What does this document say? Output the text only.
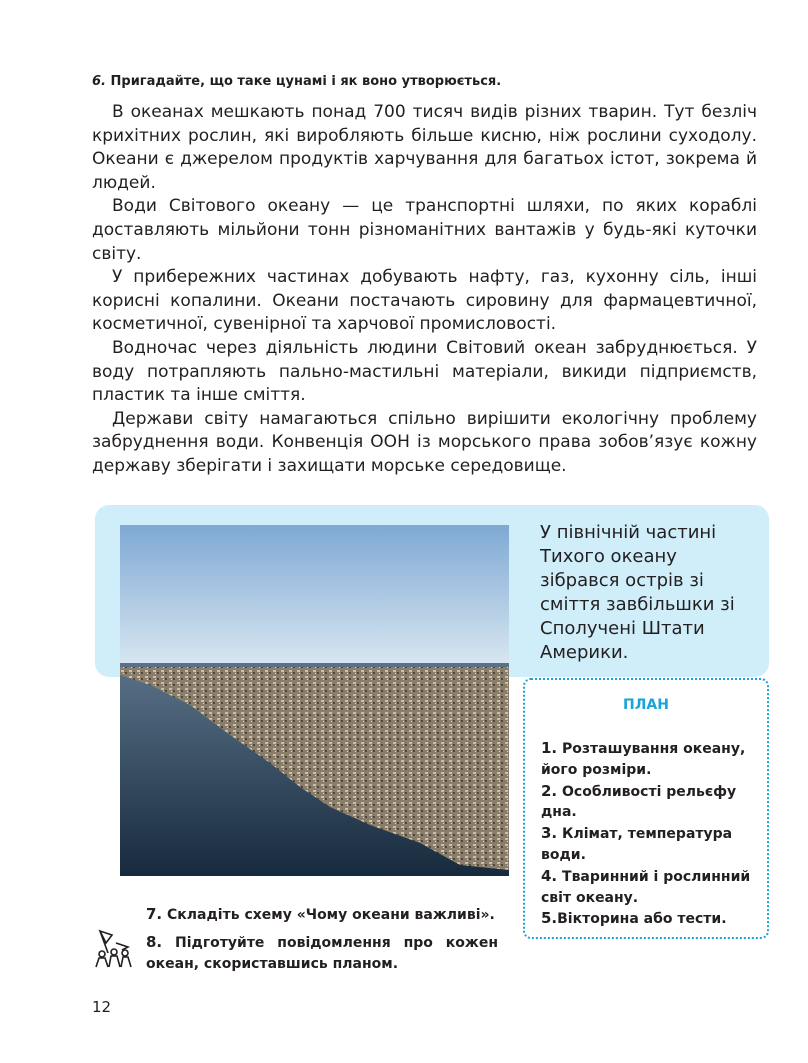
6. Пригадайте, що таке цунамі і як воно утворюється.

В океанах мешкають понад 700 тисяч видів різних тварин. Тут безліч крихітних рослин, які виробляють більше кисню, ніж рослини суходолу. Океани є джерелом продуктів харчування для багатьох істот, зокрема й людей.

Води Світового океану — це транспортні шляхи, по яких кораблі доставляють мільйони тонн різноманітних вантажів у будь-які куточки світу.

У прибережних частинах добувають нафту, газ, кухонну сіль, інші корисні копалини. Океани постачають сировину для фармацевтичної, косметичної, сувенірної та харчової промисловості.

Водночас через діяльність людини Світовий океан забруднюється. У воду потрапляють пально-мастильні матеріали, викиди підприємств, пластик та інше сміття.

Держави світу намагаються спільно вирішити екологічну проблему забруднення води. Конвенція ООН із морського права зобов’язує кожну державу зберігати і захищати морське середовище.

У північній частині Тихого океану зібрався острів зі сміття завбільшки зі Сполучені Штати Америки.
ПЛАН
1. Розташування океану, його розміри.
2. Особливості рельєфу дна.
3. Клімат, температура води.
4. Тваринний і рослинний світ океану.
5.Вікторина або тести.
7. Складіть схему «Чому океани важливі».
8. Підготуйте повідомлення про кожен океан, скориставшись планом.
12
